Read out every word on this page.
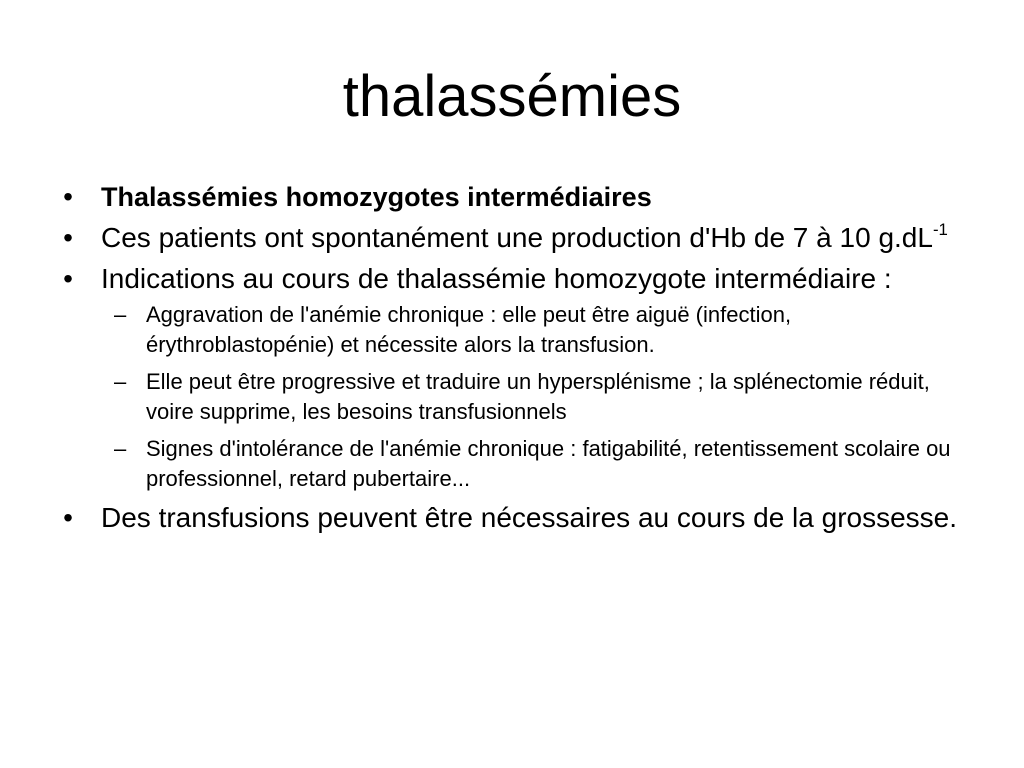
thalassémies
• Thalassémies homozygotes intermédiaires
• Ces patients ont spontanément une production d'Hb de 7 à 10 $g.dL^{-1}$
• Indications au cours de thalassémie homozygote intermédiaire :
– Aggravation de l'anémie chronique : elle peut être aiguë (infection, érythroblastopénie) et nécessite alors la transfusion.
– Elle peut être progressive et traduire un hypersplénisme ; la splénectomie réduit, voire supprime, les besoins transfusionnels
– Signes d'intolérance de l'anémie chronique : fatigabilité, retentissement scolaire ou professionnel, retard pubertaire...
• Des transfusions peuvent être nécessaires au cours de la grossesse.
